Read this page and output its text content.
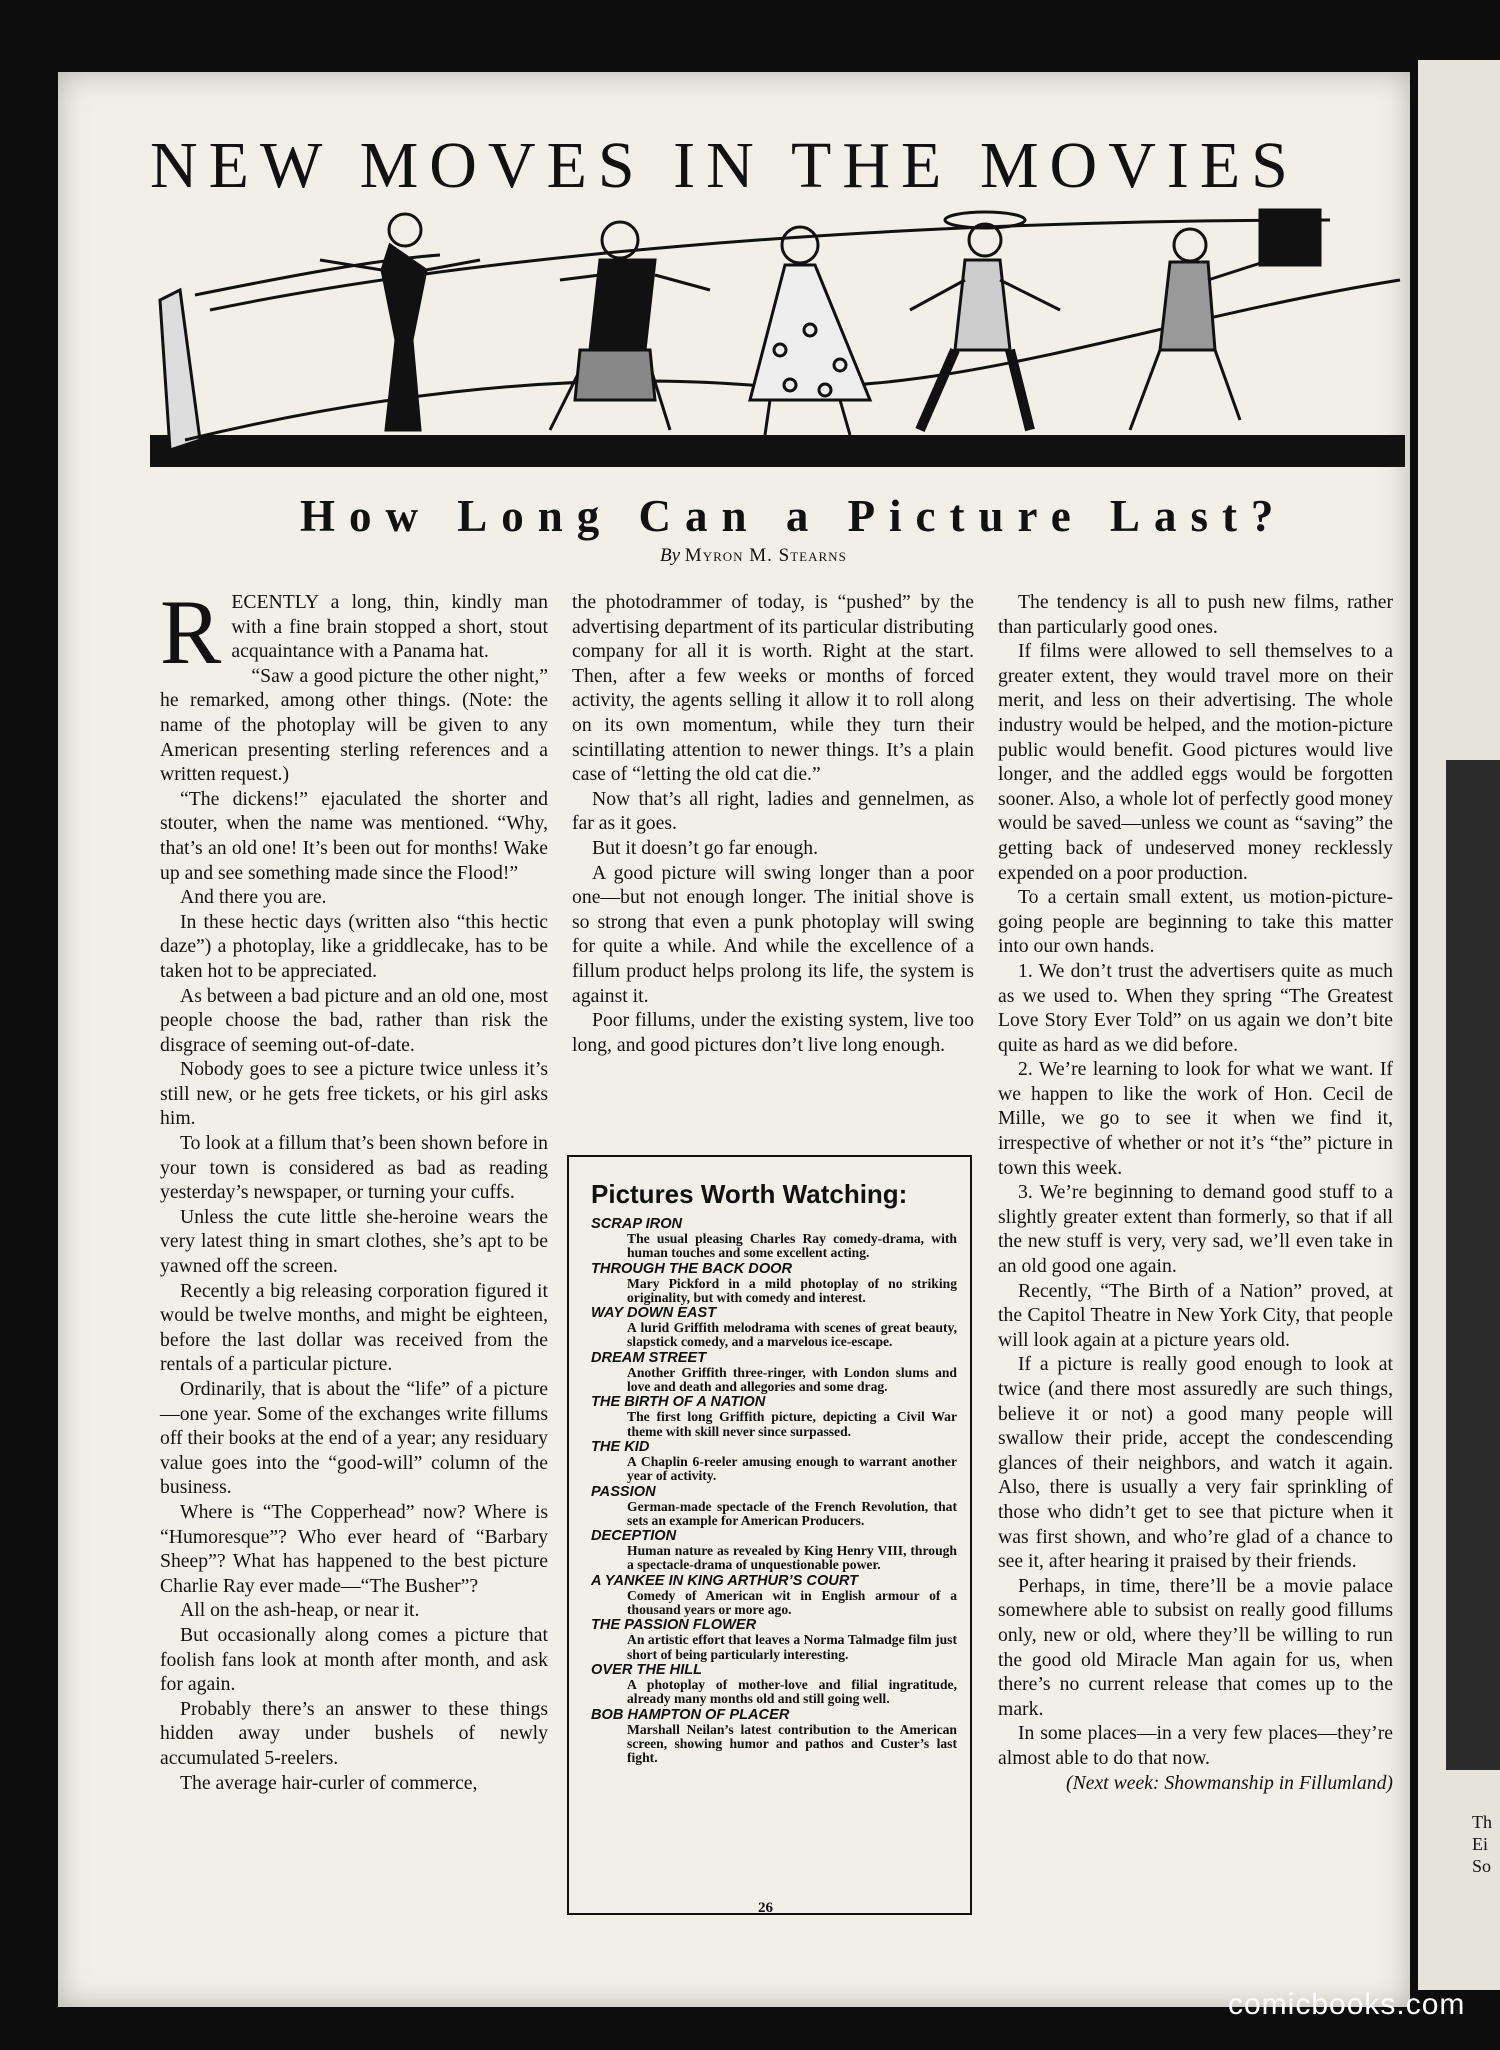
Th
Ei
So
NEW MOVES IN THE MOVIES
How Long Can a Picture Last?
By Myron M. Stearns

RECENTLY a long, thin, kindly man with a fine brain stopped a short, stout acquaintance with a Panama hat.

“Saw a good picture the other night,” he remarked, among other things. (Note: the name of the photoplay will be given to any American presenting sterling references and a written request.)

“The dickens!” ejaculated the shorter and stouter, when the name was mentioned. “Why, that’s an old one! It’s been out for months! Wake up and see something made since the Flood!”

And there you are.

In these hectic days (written also “this hectic daze”) a photoplay, like a griddlecake, has to be taken hot to be appreciated.

As between a bad picture and an old one, most people choose the bad, rather than risk the disgrace of seeming out-of-date.

Nobody goes to see a picture twice unless it’s still new, or he gets free tickets, or his girl asks him.

To look at a fillum that’s been shown before in your town is considered as bad as reading yesterday’s newspaper, or turning your cuffs.

Unless the cute little she-heroine wears the very latest thing in smart clothes, she’s apt to be yawned off the screen.

Recently a big releasing corporation figured it would be twelve months, and might be eighteen, before the last dollar was received from the rentals of a particular picture.

Ordinarily, that is about the “life” of a picture—one year. Some of the exchanges write fillums off their books at the end of a year; any residuary value goes into the “good-will” column of the business.

Where is “The Copperhead” now? Where is “Humoresque”? Who ever heard of “Barbary Sheep”? What has happened to the best picture Charlie Ray ever made—“The Busher”?

All on the ash-heap, or near it.

But occasionally along comes a picture that foolish fans look at month after month, and ask for again.

Probably there’s an answer to these things hidden away under bushels of newly accumulated 5-reelers.

The average hair-curler of commerce,

the photodrammer of today, is “pushed” by the advertising department of its particular distributing company for all it is worth. Right at the start. Then, after a few weeks or months of forced activity, the agents selling it allow it to roll along on its own momentum, while they turn their scintillating attention to newer things. It’s a plain case of “letting the old cat die.”

Now that’s all right, ladies and gennelmen, as far as it goes.

But it doesn’t go far enough.

A good picture will swing longer than a poor one—but not enough longer. The initial shove is so strong that even a punk photoplay will swing for quite a while. And while the excellence of a fillum product helps prolong its life, the system is against it.

Poor fillums, under the existing system, live too long, and good pictures don’t live long enough.

Pictures Worth Watching:
SCRAP IRON
The usual pleasing Charles Ray comedy-drama, with human touches and some excellent acting.
THROUGH THE BACK DOOR
Mary Pickford in a mild photoplay of no striking originality, but with comedy and interest.
WAY DOWN EAST
A lurid Griffith melodrama with scenes of great beauty, slapstick comedy, and a marvelous ice-escape.
DREAM STREET
Another Griffith three-ringer, with London slums and love and death and allegories and some drag.
THE BIRTH OF A NATION
The first long Griffith picture, depicting a Civil War theme with skill never since surpassed.
THE KID
A Chaplin 6-reeler amusing enough to warrant another year of activity.
PASSION
German-made spectacle of the French Revolution, that sets an example for American Producers.
DECEPTION
Human nature as revealed by King Henry VIII, through a spectacle-drama of unquestionable power.
A YANKEE IN KING ARTHUR’S COURT
Comedy of American wit in English armour of a thousand years or more ago.
THE PASSION FLOWER
An artistic effort that leaves a Norma Talmadge film just short of being particularly interesting.
OVER THE HILL
A photoplay of mother-love and filial ingratitude, already many months old and still going well.
BOB HAMPTON OF PLACER
Marshall Neilan’s latest contribution to the American screen, showing humor and pathos and Custer’s last fight.

The tendency is all to push new films, rather than particularly good ones.

If films were allowed to sell themselves to a greater extent, they would travel more on their merit, and less on their advertising. The whole industry would be helped, and the motion-picture public would benefit. Good pictures would live longer, and the addled eggs would be forgotten sooner. Also, a whole lot of perfectly good money would be saved—unless we count as “saving” the getting back of undeserved money recklessly expended on a poor production.

To a certain small extent, us motion-picture-going people are beginning to take this matter into our own hands.

1. We don’t trust the advertisers quite as much as we used to. When they spring “The Greatest Love Story Ever Told” on us again we don’t bite quite as hard as we did before.

2. We’re learning to look for what we want. If we happen to like the work of Hon. Cecil de Mille, we go to see it when we find it, irrespective of whether or not it’s “the” picture in town this week.

3. We’re beginning to demand good stuff to a slightly greater extent than formerly, so that if all the new stuff is very, very sad, we’ll even take in an old good one again.

Recently, “The Birth of a Nation” proved, at the Capitol Theatre in New York City, that people will look again at a picture years old.

If a picture is really good enough to look at twice (and there most assuredly are such things, believe it or not) a good many people will swallow their pride, accept the condescending glances of their neighbors, and watch it again. Also, there is usually a very fair sprinkling of those who didn’t get to see that picture when it was first shown, and who’re glad of a chance to see it, after hearing it praised by their friends.

Perhaps, in time, there’ll be a movie palace somewhere able to subsist on really good fillums only, new or old, where they’ll be willing to run the good old Miracle Man again for us, when there’s no current release that comes up to the mark.

In some places—in a very few places—they’re almost able to do that now.

(Next week: Showmanship in Fillumland)

26
comicbooks.com
